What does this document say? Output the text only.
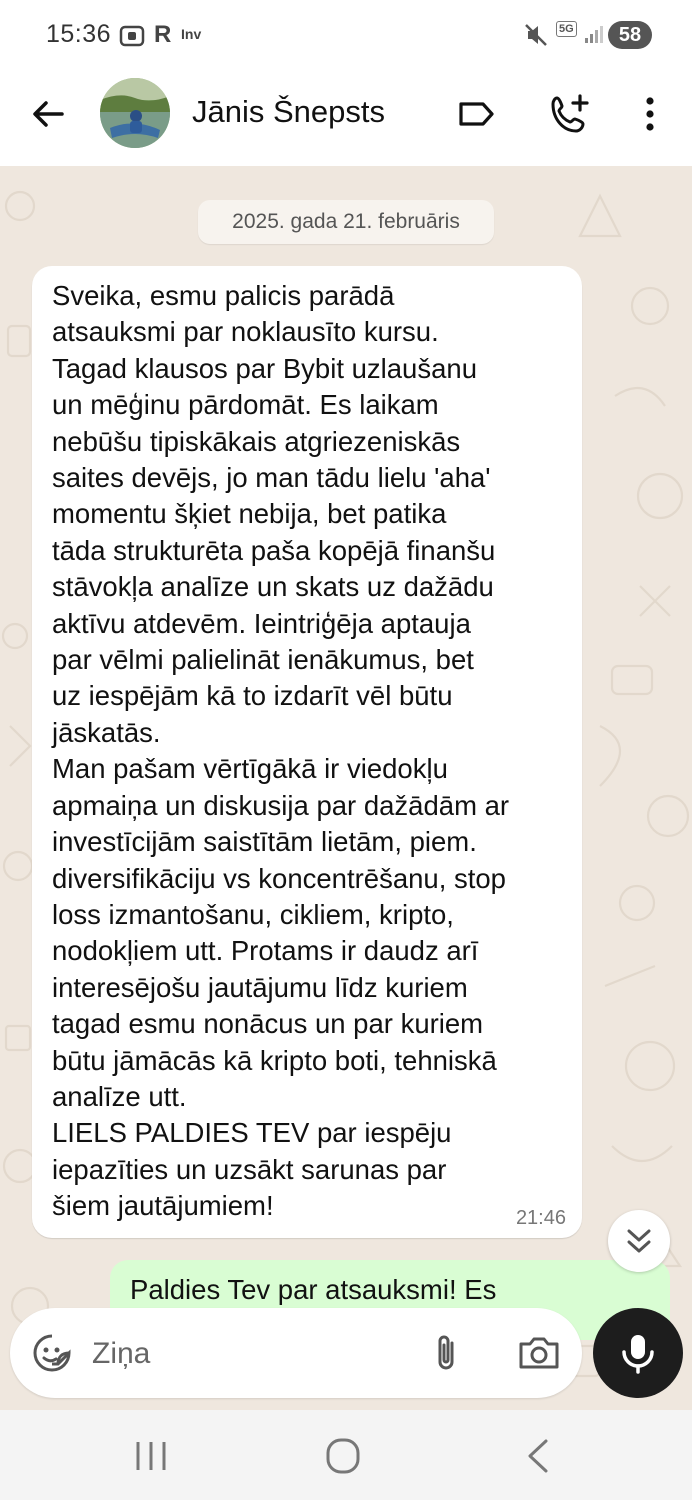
15:36 R Inv	5G	58
Jānis Šnepsts
2025. gada 21. februāris
Sveika, esmu palicis parādā
atsauksmi par noklausīto kursu.
Tagad klausos par Bybit uzlaušanu
un mēģinu pārdomāt. Es laikam
nebūšu tipiskākais atgriezeniskās
saites devējs, jo man tādu lielu 'aha'
momentu šķiet nebija, bet patika
tāda strukturēta paša kopējā finanšu
stāvokļa analīze un skats uz dažādu
aktīvu atdevēm. Ieintriģēja aptauja
par vēlmi palielināt ienākumus, bet
uz iespējām kā to izdarīt vēl būtu
jāskatās.
Man pašam vērtīgākā ir viedokļu
apmaiņa un diskusija par dažādām ar
investīcijām saistītām lietām, piem.
diversifikāciju vs koncentrēšanu, stop
loss izmantošanu, cikliem, kripto,
nodokļiem utt. Protams ir daudz arī
interesējošu jautājumu līdz kuriem
tagad esmu nonācus un par kuriem
būtu jāmācās kā kripto boti, tehniskā
analīze utt.
LIELS PALDIES TEV par iespēju
iepazīties un uzsākt sarunas par
šiem jautājumiem!	21:46
Paldies Tev par atsauksmi! Es
Ziņa
